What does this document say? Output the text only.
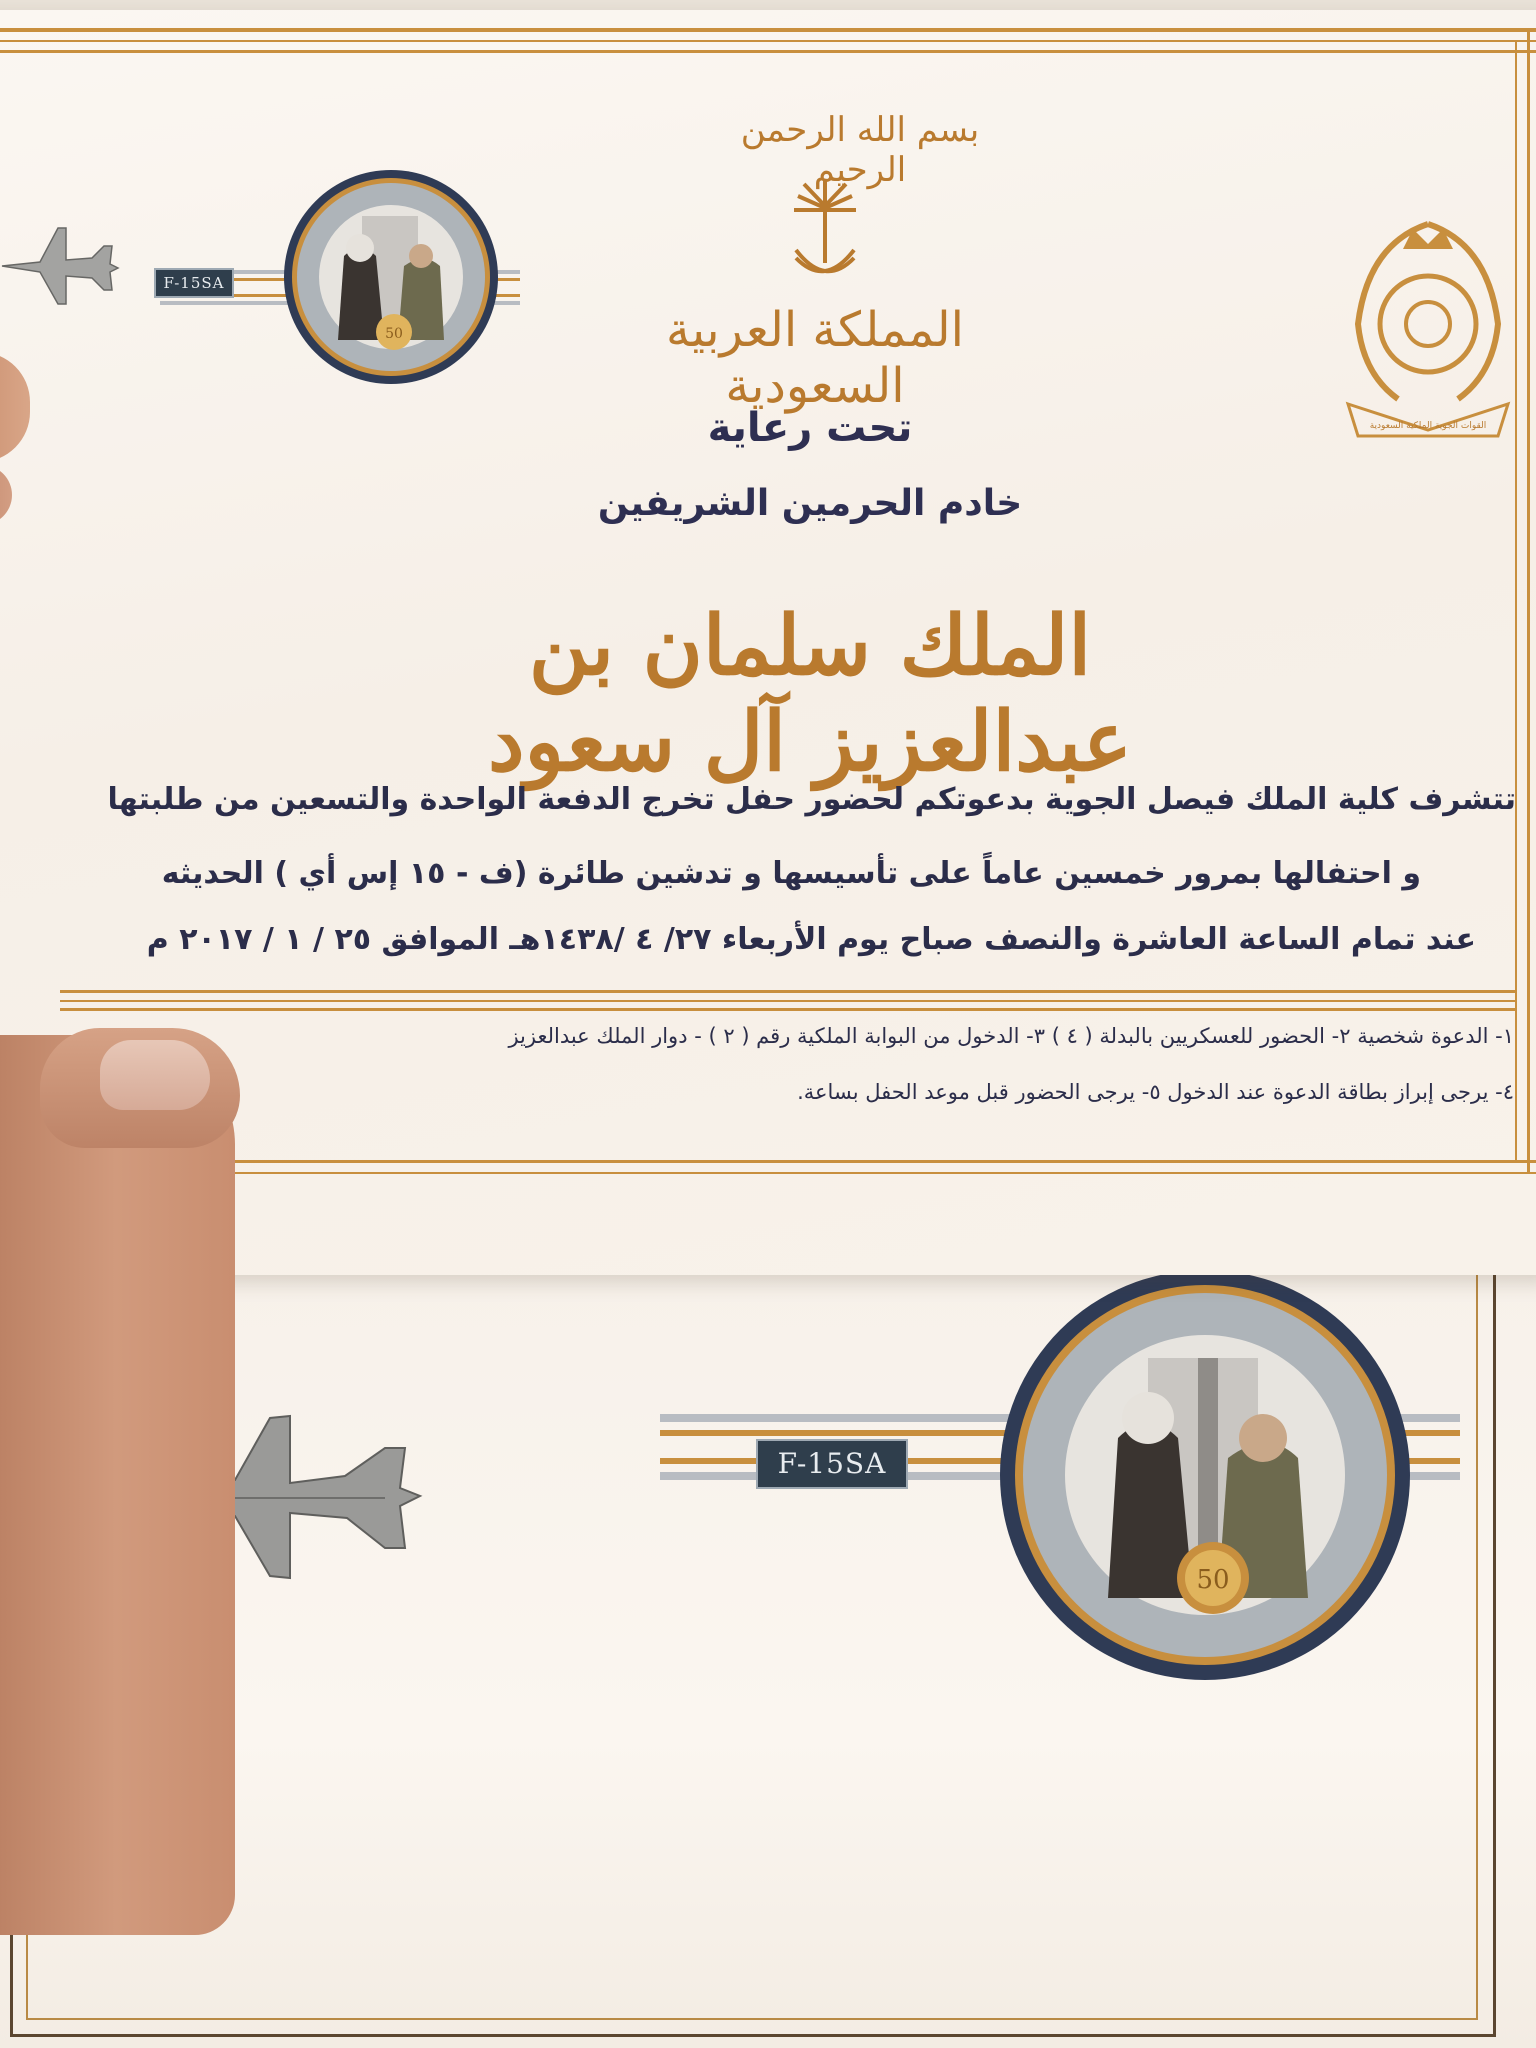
F-15SA
50
بسم الله الرحمن الرحيم
المملكة العربية السعودية
القوات الجوية الملكية السعودية
F-15SA
50
تحت رعاية
خادم الحرمين الشريفين
الملك سلمان بن عبدالعزيز آل سعود
تتشرف كلية الملك فيصل الجوية بدعوتكم لحضور حفل تخرج الدفعة الواحدة والتسعين من طلبتها
و احتفالها بمرور خمسين عاماً على تأسيسها و تدشين طائرة (ف - ١٥ إس أي ) الحديثه
عند تمام الساعة العاشرة والنصف صباح يوم الأربعاء ٢٧/ ٤ /١٤٣٨هـ الموافق ٢٥ / ١ / ٢٠١٧ م
١- الدعوة شخصية ٢- الحضور للعسكريين بالبدلة ( ٤ ) ٣- الدخول من البوابة الملكية رقم ( ٢ ) - دوار الملك عبدالعزيز
٤- يرجى إبراز بطاقة الدعوة عند الدخول ٥- يرجى الحضور قبل موعد الحفل بساعة.
